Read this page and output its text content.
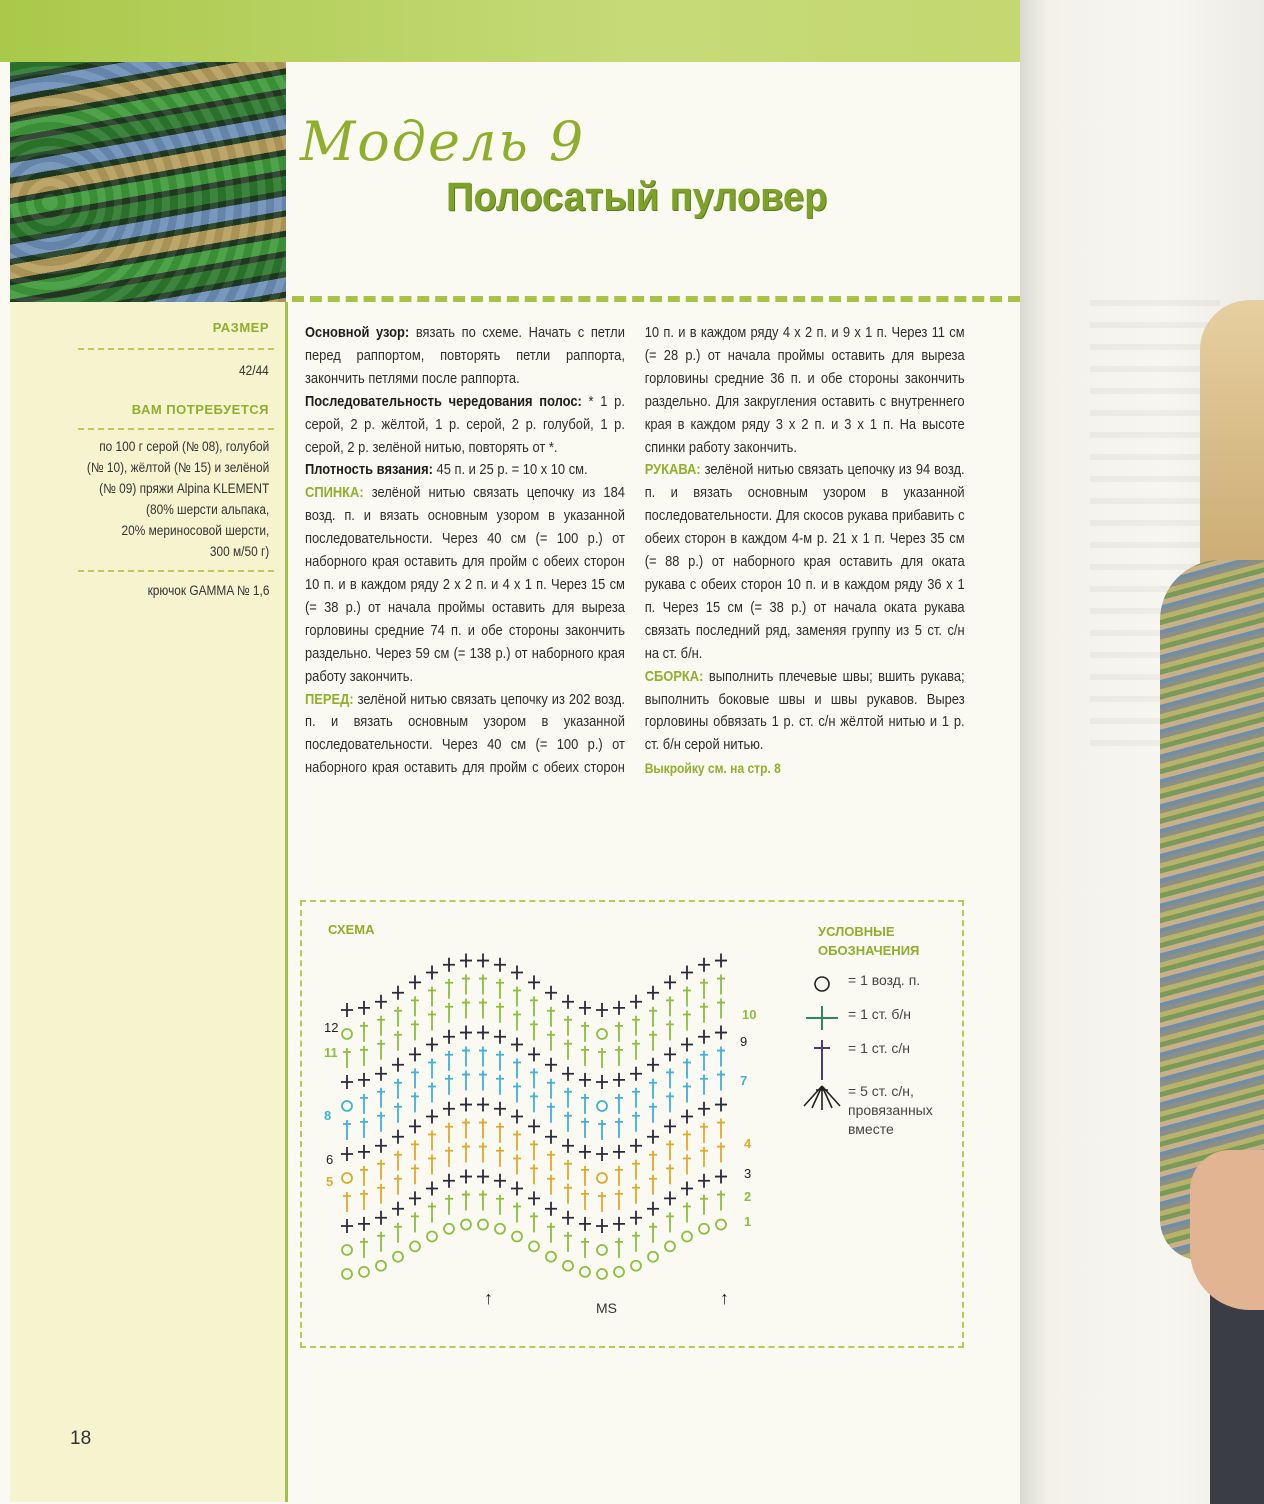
РАЗМЕР
42/44
ВАМ ПОТРЕБУЕТСЯ
по 100 г серой (№ 08), голубой
(№ 10), жёлтой (№ 15) и зелёной
(№ 09) пряжи Alpina KLEMENT
(80% шерсти альпака,
20% мериносовой шерсти,
300 м/50 г)
крючок GAMMA № 1,6
Модель 9
Полосатый пуловер

Основной узор: вязать по схеме. Начать с петли перед раппортом, повторять петли раппорта, закончить петлями после раппорта.

Последовательность чередования полос: * 1 р. серой, 2 р. жёлтой, 1 р. серой, 2 р. голубой, 1 р. серой, 2 р. зелёной нитью, повторять от *.

Плотность вязания: 45 п. и 25 р. = 10 х 10 см.

СПИНКА: зелёной нитью связать цепочку из 184 возд. п. и вязать основным узором в указанной последовательности. Через 40 см (= 100 р.) от наборного края оставить для пройм с обеих сторон 10 п. и в каждом ряду 2 х 2 п. и 4 х 1 п. Через 15 см (= 38 р.) от начала проймы оставить для выреза горловины средние 74 п. и обе стороны закончить раздельно. Через 59 см (= 138 р.) от наборного края работу закончить.

ПЕРЕД: зелёной нитью связать цепочку из 202 возд. п. и вязать основным узором в указанной последовательности. Через 40 см (= 100 р.) от наборного края оставить для пройм с обеих сторон 10 п. и в каждом ряду 4 х 2 п. и 9 х 1 п. Через 11 см (= 28 р.) от начала проймы оставить для выреза горловины средние 36 п. и обе стороны закончить раздельно. Для закругления оставить с внутреннего края в каждом ряду 3 х 2 п. и 3 х 1 п. На высоте спинки работу закончить.

РУКАВА: зелёной нитью связать цепочку из 94 возд. п. и вязать основным узором в указанной последовательности. Для скосов рукава прибавить с обеих сторон в каждом 4-м р. 21 х 1 п. Через 35 см (= 88 р.) от наборного края оставить для оката рукава с обеих сторон 10 п. и в каждом ряду 36 х 1 п. Через 15 см (= 38 р.) от начала оката рукава связать последний ряд, заменяя группу из 5 ст. с/н на ст. б/н.

СБОРКА: выполнить плечевые швы; вшить рукава; выполнить боковые швы и швы рукавов. Вырез горловины обвязать 1 р. ст. с/н жёлтой нитью и 1 р. ст. б/н серой нитью.

Выкройку см. на стр. 8

СХЕМА	УСЛОВНЫЕ
ОБОЗНАЧЕНИЯ
= 1 возд. п.
= 1 ст. б/н
= 1 ст. с/н
= 5 ст. с/н,
провязанных
вместе
12
11
8
6
5
10
9
7
4
3
2
1
↑	↑
MS
18
